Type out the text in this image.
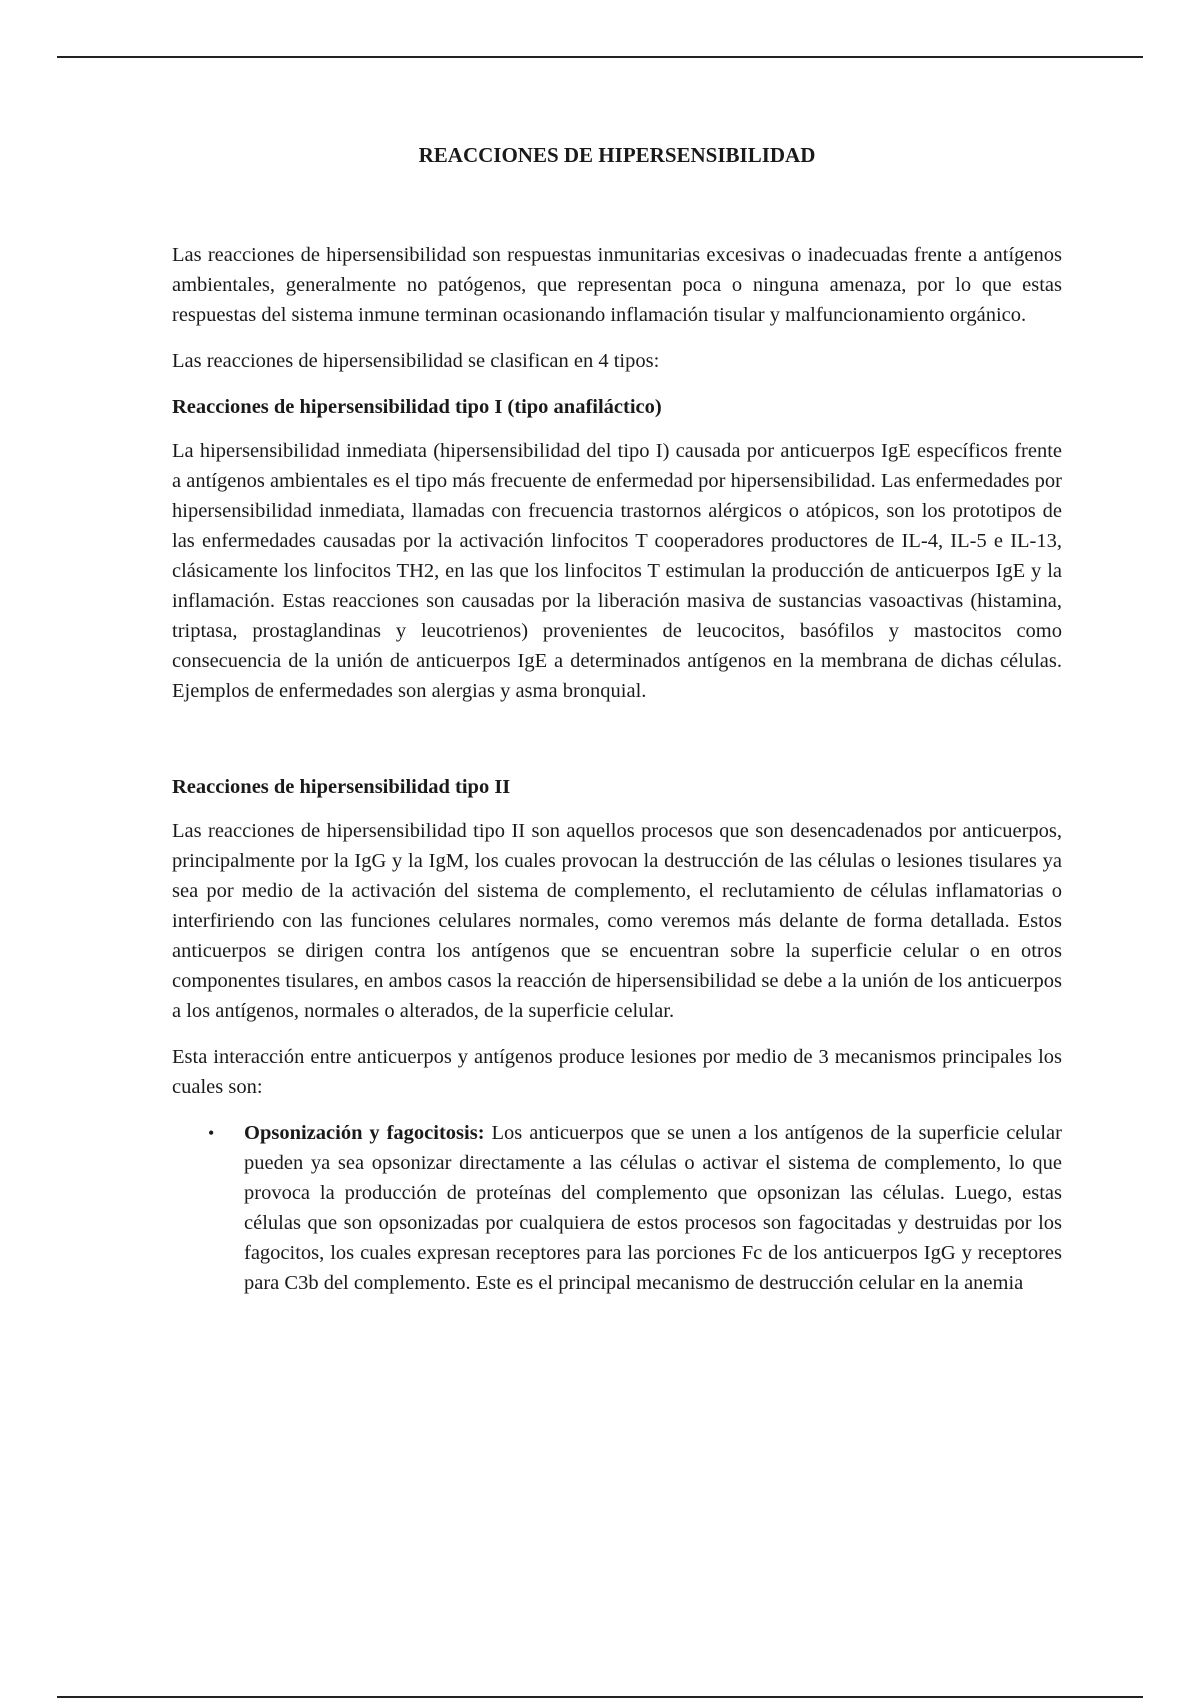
REACCIONES DE HIPERSENSIBILIDAD

Las reacciones de hipersensibilidad son respuestas inmunitarias excesivas o inadecuadas frente a antígenos ambientales, generalmente no patógenos, que representan poca o ninguna amenaza, por lo que estas respuestas del sistema inmune terminan ocasionando inflamación tisular y malfuncionamiento orgánico.

Las reacciones de hipersensibilidad se clasifican en 4 tipos:

Reacciones de hipersensibilidad tipo I (tipo anafiláctico)

La hipersensibilidad inmediata (hipersensibilidad del tipo I) causada por anticuerpos IgE específicos frente a antígenos ambientales es el tipo más frecuente de enfermedad por hipersensibilidad. Las enfermedades por hipersensibilidad inmediata, llamadas con frecuencia trastornos alérgicos o atópicos, son los prototipos de las enfermedades causadas por la activación linfocitos T cooperadores productores de IL-4, IL-5 e IL-13, clásicamente los linfocitos TH2, en las que los linfocitos T estimulan la producción de anticuerpos IgE y la inflamación. Estas reacciones son causadas por la liberación masiva de sustancias vasoactivas (histamina, triptasa, prostaglandinas y leucotrienos) provenientes de leucocitos, basófilos y mastocitos como consecuencia de la unión de anticuerpos IgE a determinados antígenos en la membrana de dichas células. Ejemplos de enfermedades son alergias y asma bronquial.

Reacciones de hipersensibilidad tipo II

Las reacciones de hipersensibilidad tipo II son aquellos procesos que son desencadenados por anticuerpos, principalmente por la IgG y la IgM, los cuales provocan la destrucción de las células o lesiones tisulares ya sea por medio de la activación del sistema de complemento, el reclutamiento de células inflamatorias o interfiriendo con las funciones celulares normales, como veremos más delante de forma detallada. Estos anticuerpos se dirigen contra los antígenos que se encuentran sobre la superficie celular o en otros componentes tisulares, en ambos casos la reacción de hipersensibilidad se debe a la unión de los anticuerpos a los antígenos, normales o alterados, de la superficie celular.

Esta interacción entre anticuerpos y antígenos produce lesiones por medio de 3 mecanismos principales los cuales son:

• Opsonización y fagocitosis: Los anticuerpos que se unen a los antígenos de la superficie celular pueden ya sea opsonizar directamente a las células o activar el sistema de complemento, lo que provoca la producción de proteínas del complemento que opsonizan las células. Luego, estas células que son opsonizadas por cualquiera de estos procesos son fagocitadas y destruidas por los fagocitos, los cuales expresan receptores para las porciones Fc de los anticuerpos IgG y receptores para C3b del complemento. Este es el principal mecanismo de destrucción celular en la anemia
